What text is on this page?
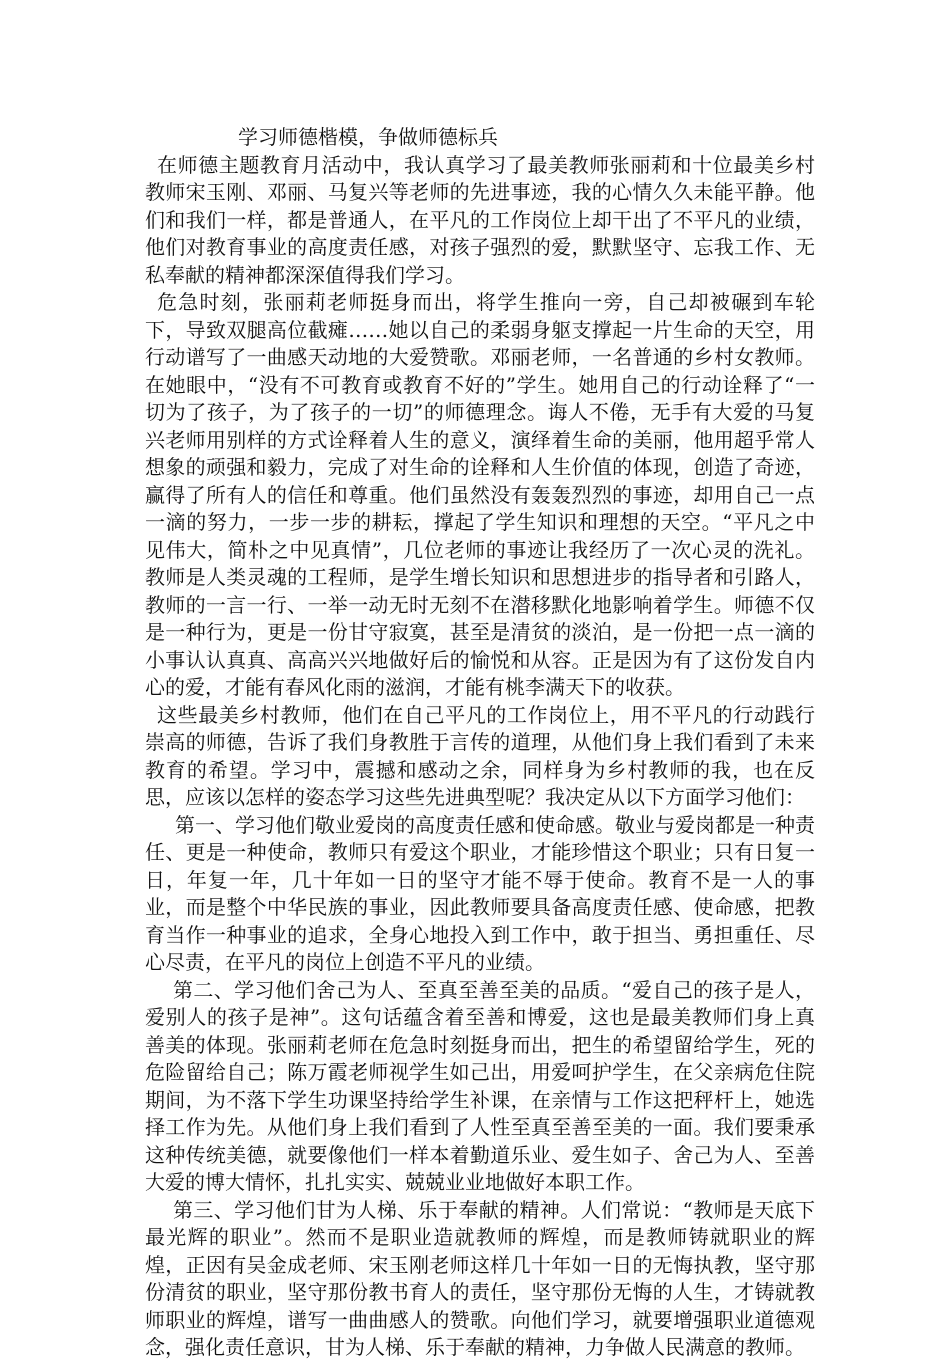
学习师德楷模，争做师德标兵

在师德主题教育月活动中，我认真学习了最美教师张丽莉和十位最美乡村教师宋玉刚、邓丽、马复兴等老师的先进事迹，我的心情久久未能平静。他们和我们一样，都是普通人，在平凡的工作岗位上却干出了不平凡的业绩，他们对教育事业的高度责任感，对孩子强烈的爱，默默坚守、忘我工作、无私奉献的精神都深深值得我们学习。

危急时刻，张丽莉老师挺身而出，将学生推向一旁，自己却被碾到车轮下，导致双腿高位截瘫……她以自己的柔弱身躯支撑起一片生命的天空，用行动谱写了一曲感天动地的大爱赞歌。邓丽老师，一名普通的乡村女教师。在她眼中，“没有不可教育或教育不好的”学生。她用自己的行动诠释了“一切为了孩子，为了孩子的一切”的师德理念。诲人不倦，无手有大爱的马复兴老师用别样的方式诠释着人生的意义，演绎着生命的美丽，他用超乎常人想象的顽强和毅力，完成了对生命的诠释和人生价值的体现，创造了奇迹，赢得了所有人的信任和尊重。他们虽然没有轰轰烈烈的事迹，却用自己一点一滴的努力，一步一步的耕耘，撑起了学生知识和理想的天空。“平凡之中见伟大，简朴之中见真情”，几位老师的事迹让我经历了一次心灵的洗礼。教师是人类灵魂的工程师，是学生增长知识和思想进步的指导者和引路人，教师的一言一行、一举一动无时无刻不在潜移默化地影响着学生。师德不仅是一种行为，更是一份甘守寂寞，甚至是清贫的淡泊，是一份把一点一滴的小事认认真真、高高兴兴地做好后的愉悦和从容。正是因为有了这份发自内心的爱，才能有春风化雨的滋润，才能有桃李满天下的收获。

这些最美乡村教师，他们在自己平凡的工作岗位上，用不平凡的行动践行崇高的师德，告诉了我们身教胜于言传的道理，从他们身上我们看到了未来教育的希望。学习中，震撼和感动之余，同样身为乡村教师的我，也在反思，应该以怎样的姿态学习这些先进典型呢？我决定从以下方面学习他们：

第一、学习他们敬业爱岗的高度责任感和使命感。敬业与爱岗都是一种责任、更是一种使命，教师只有爱这个职业，才能珍惜这个职业；只有日复一日，年复一年，几十年如一日的坚守才能不辱于使命。教育不是一人的事业，而是整个中华民族的事业，因此教师要具备高度责任感、使命感，把教育当作一种事业的追求，全身心地投入到工作中，敢于担当、勇担重任、尽心尽责，在平凡的岗位上创造不平凡的业绩。

第二、学习他们舍己为人、至真至善至美的品质。“爱自己的孩子是人，爱别人的孩子是神”。这句话蕴含着至善和博爱，这也是最美教师们身上真善美的体现。张丽莉老师在危急时刻挺身而出，把生的希望留给学生，死的危险留给自己；陈万霞老师视学生如己出，用爱呵护学生，在父亲病危住院期间，为不落下学生功课坚持给学生补课，在亲情与工作这把秤杆上，她选择工作为先。从他们身上我们看到了人性至真至善至美的一面。我们要秉承这种传统美德，就要像他们一样本着勤道乐业、爱生如子、舍己为人、至善大爱的博大情怀，扎扎实实、兢兢业业地做好本职工作。

第三、学习他们甘为人梯、乐于奉献的精神。人们常说：“教师是天底下最光辉的职业”。然而不是职业造就教师的辉煌，而是教师铸就职业的辉煌，正因有吴金成老师、宋玉刚老师这样几十年如一日的无悔执教，坚守那份清贫的职业，坚守那份教书育人的责任，坚守那份无悔的人生，才铸就教师职业的辉煌，谱写一曲曲感人的赞歌。向他们学习，就要增强职业道德观念，强化责任意识，甘为人梯、乐于奉献的精神，力争做人民满意的教师。
